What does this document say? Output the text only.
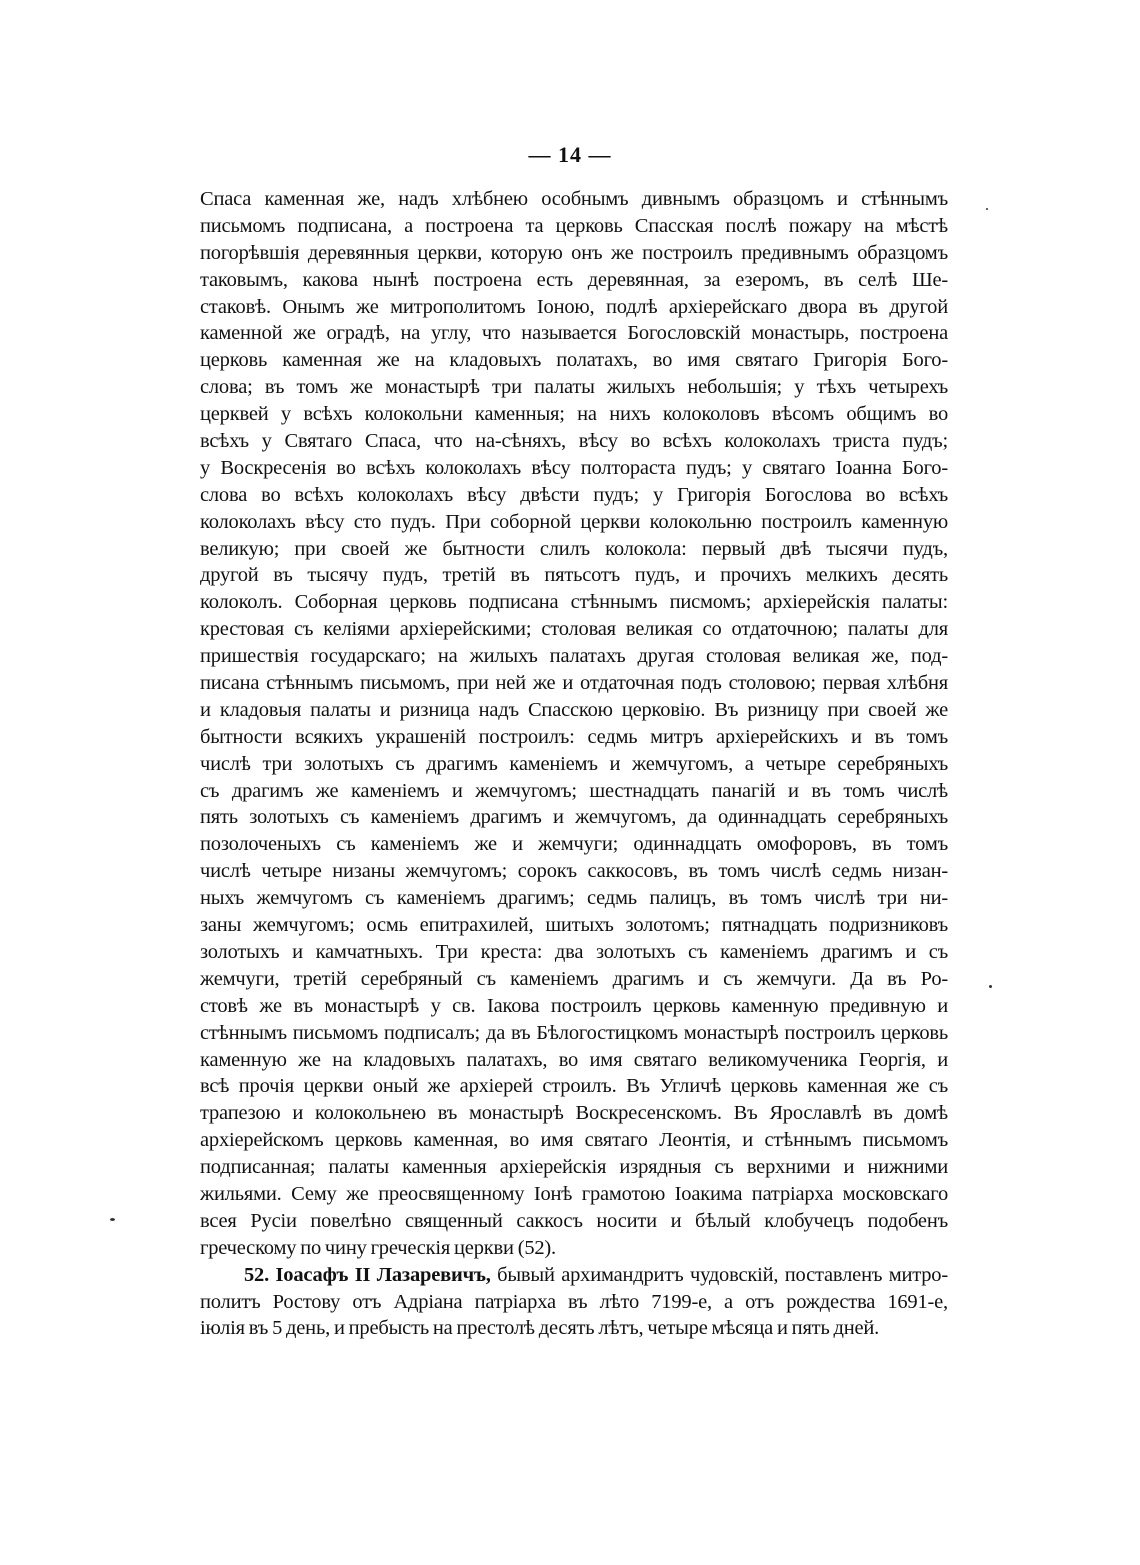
— 14 —
Спаса каменная же, надъ хлѣбнею особнымъ дивнымъ образцомъ и стѣннымъ
письмомъ подписана, а построена та церковь Спасская послѣ пожару на мѣстѣ
погорѣвшія деревянныя церкви, которую онъ же построилъ предивнымъ образцомъ
таковымъ, какова нынѣ построена есть деревянная, за езеромъ, въ селѣ Ше-
стаковѣ. Онымъ же митрополитомъ Іоною, подлѣ архіерейскаго двора въ другой
каменной же оградѣ, на углу, что называется Богословскій монастырь, построена
церковь каменная же на кладовыхъ полатахъ, во имя святаго Григорія Бого-
слова; въ томъ же монастырѣ три палаты жилыхъ небольшія; у тѣхъ четырехъ
церквей у всѣхъ колокольни каменныя; на нихъ колоколовъ вѣсомъ общимъ во
всѣхъ у Святаго Спаса, что на-сѣняхъ, вѣсу во всѣхъ колоколахъ триста пудъ;
у Воскресенія во всѣхъ колоколахъ вѣсу полтораста пудъ; у святаго Іоанна Бого-
слова во всѣхъ колоколахъ вѣсу двѣсти пудъ; у Григорія Богослова во всѣхъ
колоколахъ вѣсу сто пудъ. При соборной церкви колокольню построилъ каменную
великую; при своей же бытности слилъ колокола: первый двѣ тысячи пудъ,
другой въ тысячу пудъ, третій въ пятьсотъ пудъ, и прочихъ мелкихъ десять
колоколъ. Соборная церковь подписана стѣннымъ писмомъ; архіерейскія палаты:
крестовая съ келіями архіерейскими; столовая великая со отдаточною; палаты для
пришествія государскаго; на жилыхъ палатахъ другая столовая великая же, под-
писана стѣннымъ письмомъ, при ней же и отдаточная подъ столовою; первая хлѣбня
и кладовыя палаты и ризница надъ Спасскою церковію. Въ ризницу при своей же
бытности всякихъ украшеній построилъ: седмь митръ архіерейскихъ и въ томъ
числѣ три золотыхъ съ драгимъ каменіемъ и жемчугомъ, а четыре серебряныхъ
съ драгимъ же каменіемъ и жемчугомъ; шестнадцать панагій и въ томъ числѣ
пять золотыхъ съ каменіемъ драгимъ и жемчугомъ, да одиннадцать серебряныхъ
позолоченыхъ съ каменіемъ же и жемчуги; одиннадцать омофоровъ, въ томъ
числѣ четыре низаны жемчугомъ; сорокъ саккосовъ, въ томъ числѣ седмь низан-
ныхъ жемчугомъ съ каменіемъ драгимъ; седмь палицъ, въ томъ числѣ три ни-
заны жемчугомъ; осмь епитрахилей, шитыхъ золотомъ; пятнадцать подризниковъ
золотыхъ и камчатныхъ. Три креста: два золотыхъ съ каменіемъ драгимъ и съ
жемчуги, третій серебряный съ каменіемъ драгимъ и съ жемчуги. Да въ Ро-
стовѣ же въ монастырѣ у св. Іакова построилъ церковь каменную предивную и
стѣннымъ письмомъ подписалъ; да въ Бѣлогостицкомъ монастырѣ построилъ церковь
каменную же на кладовыхъ палатахъ, во имя святаго великомученика Георгія, и
всѣ прочія церкви оный же архіерей строилъ. Въ Угличѣ церковь каменная же съ
трапезою и колокольнею въ монастырѣ Воскресенскомъ. Въ Ярославлѣ въ домѣ
архіерейскомъ церковь каменная, во имя святаго Леонтія, и стѣннымъ письмомъ
подписанная; палаты каменныя архіерейскія изрядныя съ верхними и нижними
жильями. Сему же преосвященному Іонѣ грамотою Іоакима патріарха московскаго
всея Русіи повелѣно священный саккосъ носити и бѣлый клобучецъ подобенъ
греческому по чину греческія церкви (52).
52. Іоасафъ II Лазаревичъ, бывый архимандритъ чудовскій, поставленъ митро-
политъ Ростову отъ Адріана патріарха въ лѣто 7199-е, а отъ рождества 1691-е,
іюлія въ 5 день, и пребысть на престолѣ десять лѣтъ, четыре мѣсяца и пять дней.
